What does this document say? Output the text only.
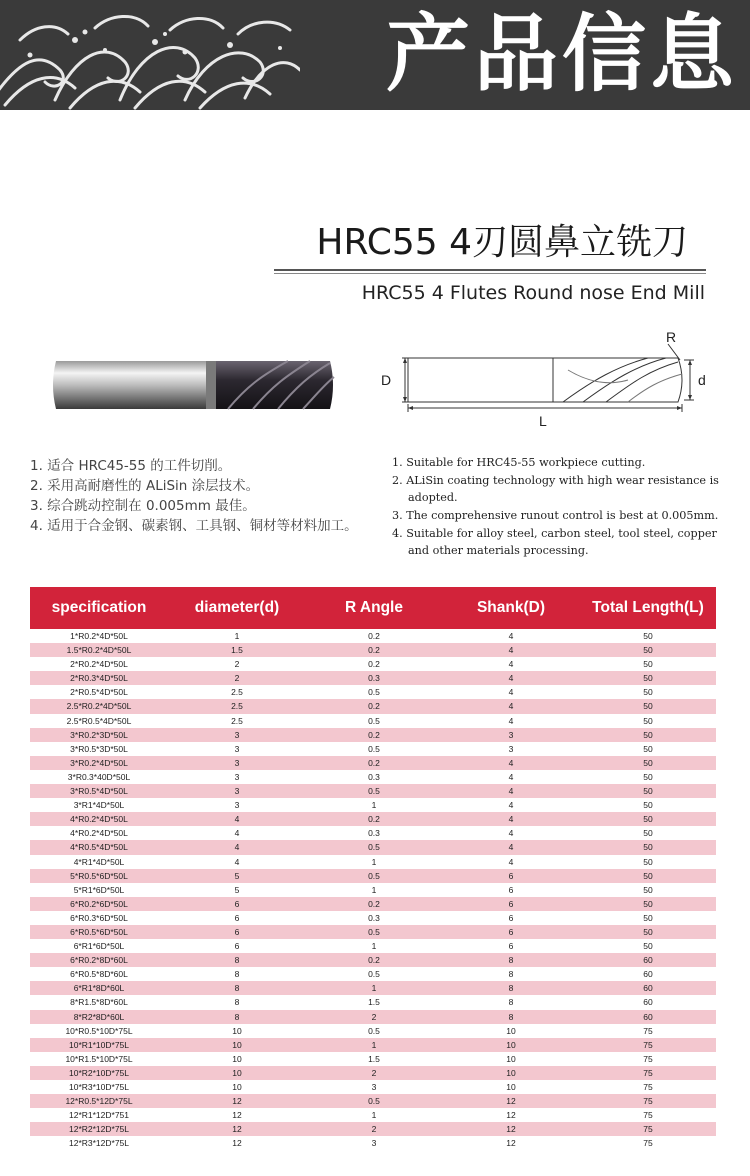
产品信息
HRC55 4刃圆鼻立铣刀
HRC55 4 Flutes Round nose End Mill
R
D	d
L
1. 适合 HRC45-55 的工件切削。
2. 采用高耐磨性的 ALiSin 涂层技术。
3. 综合跳动控制在 0.005mm 最佳。
4. 适用于合金钢、碳素钢、工具钢、铜材等材料加工。
1. Suitable for HRC45-55 workpiece cutting.
2. ALiSin coating technology with high wear resistance is adopted.
3. The comprehensive runout control is best at 0.005mm.
4. Suitable for alloy steel, carbon steel, tool steel, copper and other materials processing.
specification	diameter(d)	R Angle	Shank(D)	Total Length(L)
1*R0.2*4D*50L	1	0.2	4	50
1.5*R0.2*4D*50L	1.5	0.2	4	50
2*R0.2*4D*50L	2	0.2	4	50
2*R0.3*4D*50L	2	0.3	4	50
2*R0.5*4D*50L	2.5	0.5	4	50
2.5*R0.2*4D*50L	2.5	0.2	4	50
2.5*R0.5*4D*50L	2.5	0.5	4	50
3*R0.2*3D*50L	3	0.2	3	50
3*R0.5*3D*50L	3	0.5	3	50
3*R0.2*4D*50L	3	0.2	4	50
3*R0.3*40D*50L	3	0.3	4	50
3*R0.5*4D*50L	3	0.5	4	50
3*R1*4D*50L	3	1	4	50
4*R0.2*4D*50L	4	0.2	4	50
4*R0.2*4D*50L	4	0.3	4	50
4*R0.5*4D*50L	4	0.5	4	50
4*R1*4D*50L	4	1	4	50
5*R0.5*6D*50L	5	0.5	6	50
5*R1*6D*50L	5	1	6	50
6*R0.2*6D*50L	6	0.2	6	50
6*R0.3*6D*50L	6	0.3	6	50
6*R0.5*6D*50L	6	0.5	6	50
6*R1*6D*50L	6	1	6	50
6*R0.2*8D*60L	8	0.2	8	60
6*R0.5*8D*60L	8	0.5	8	60
6*R1*8D*60L	8	1	8	60
8*R1.5*8D*60L	8	1.5	8	60
8*R2*8D*60L	8	2	8	60
10*R0.5*10D*75L	10	0.5	10	75
10*R1*10D*75L	10	1	10	75
10*R1.5*10D*75L	10	1.5	10	75
10*R2*10D*75L	10	2	10	75
10*R3*10D*75L	10	3	10	75
12*R0.5*12D*75L	12	0.5	12	75
12*R1*12D*751	12	1	12	75
12*R2*12D*75L	12	2	12	75
12*R3*12D*75L	12	3	12	75
